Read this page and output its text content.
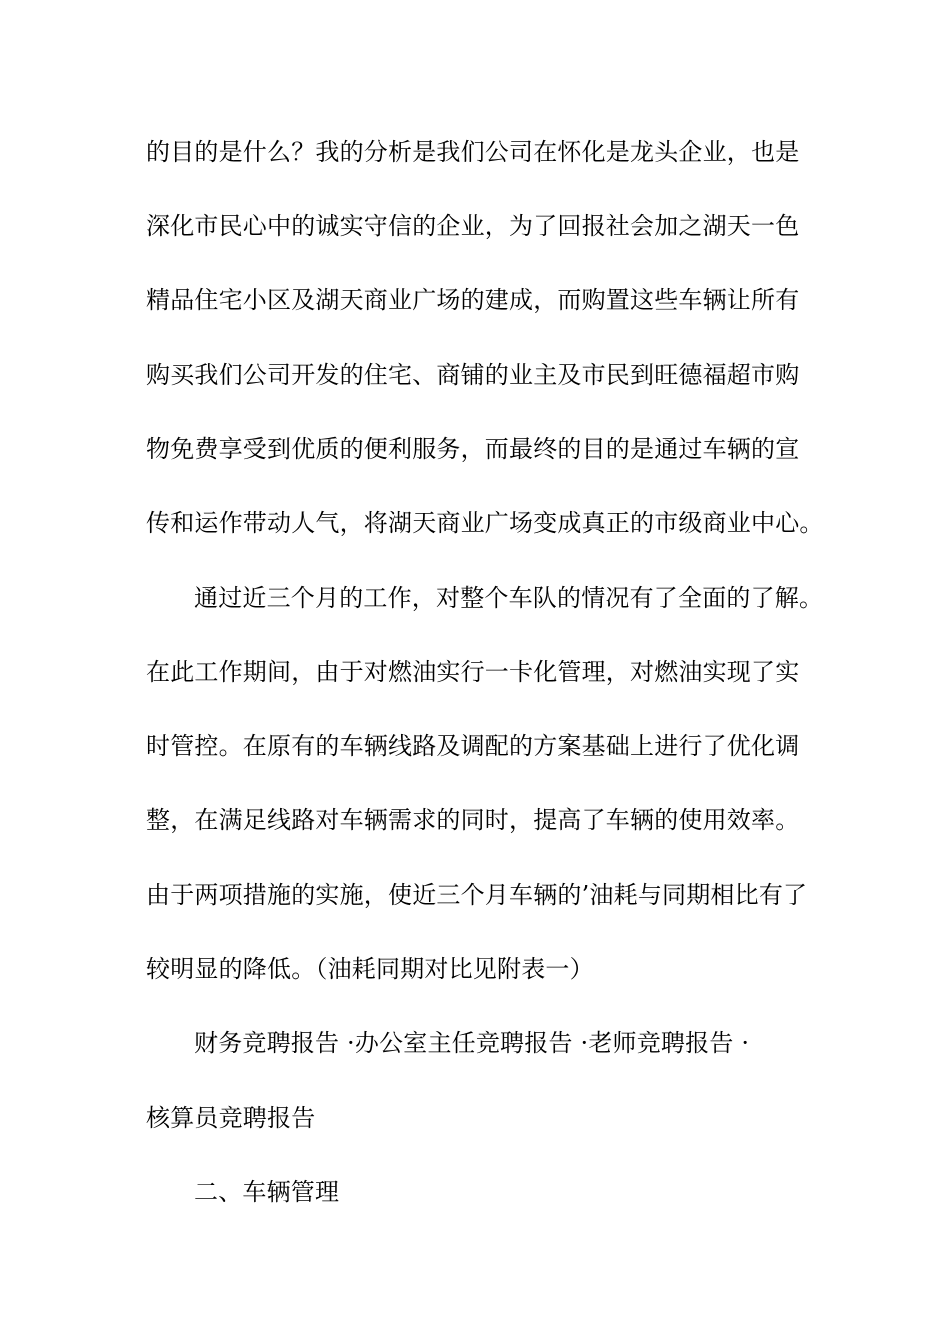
的目的是什么？我的分析是我们公司在怀化是龙头企业，也是
深化市民心中的诚实守信的企业，为了回报社会加之湖天一色
精品住宅小区及湖天商业广场的建成，而购置这些车辆让所有
购买我们公司开发的住宅、商铺的业主及市民到旺德福超市购
物免费享受到优质的便利服务，而最终的目的是通过车辆的宣
传和运作带动人气，将湖天商业广场变成真正的市级商业中心。
通过近三个月的工作，对整个车队的情况有了全面的了解。
在此工作期间，由于对燃油实行一卡化管理，对燃油实现了实
时管控。在原有的车辆线路及调配的方案基础上进行了优化调
整，在满足线路对车辆需求的同时，提高了车辆的使用效率。
由于两项措施的实施，使近三个月车辆的’油耗与同期相比有了
较明显的降低。（油耗同期对比见附表一）
财务竞聘报告 ·办公室主任竞聘报告 ·老师竞聘报告 ·
核算员竞聘报告
二、车辆管理
